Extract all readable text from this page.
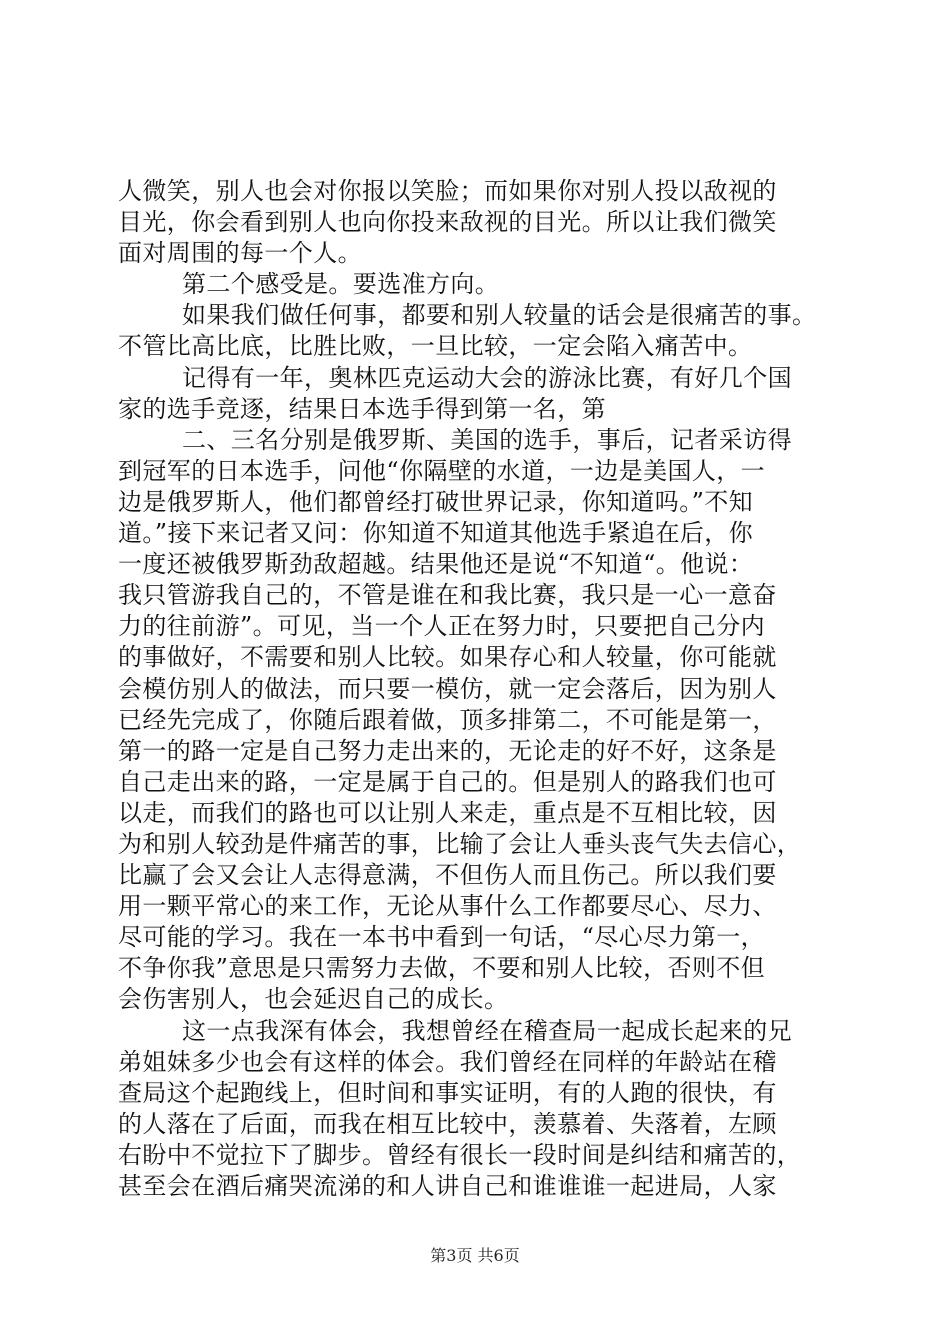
人微笑，别人也会对你报以笑脸；而如果你对别人投以敌视的
目光，你会看到别人也向你投来敌视的目光。所以让我们微笑
面对周围的每一个人。
第二个感受是。要选准方向。
如果我们做任何事，都要和别人较量的话会是很痛苦的事。
不管比高比底，比胜比败，一旦比较，一定会陷入痛苦中。
记得有一年，奥林匹克运动大会的游泳比赛，有好几个国
家的选手竞逐，结果日本选手得到第一名，第
二、三名分别是俄罗斯、美国的选手，事后，记者采访得
到冠军的日本选手，问他“你隔壁的水道，一边是美国人，一
边是俄罗斯人，他们都曾经打破世界记录，你知道吗。”不知
道。”接下来记者又问：你知道不知道其他选手紧追在后，你
一度还被俄罗斯劲敌超越。结果他还是说“不知道“。他说：
我只管游我自己的，不管是谁在和我比赛，我只是一心一意奋
力的往前游”。可见，当一个人正在努力时，只要把自己分内
的事做好，不需要和别人比较。如果存心和人较量，你可能就
会模仿别人的做法，而只要一模仿，就一定会落后，因为别人
已经先完成了，你随后跟着做，顶多排第二，不可能是第一，
第一的路一定是自己努力走出来的，无论走的好不好，这条是
自己走出来的路，一定是属于自己的。但是别人的路我们也可
以走，而我们的路也可以让别人来走，重点是不互相比较，因
为和别人较劲是件痛苦的事，比输了会让人垂头丧气失去信心，
比赢了会又会让人志得意满，不但伤人而且伤己。所以我们要
用一颗平常心的来工作，无论从事什么工作都要尽心、尽力、
尽可能的学习。我在一本书中看到一句话，“尽心尽力第一，
不争你我”意思是只需努力去做，不要和别人比较，否则不但
会伤害别人，也会延迟自己的成长。
这一点我深有体会，我想曾经在稽查局一起成长起来的兄
弟姐妹多少也会有这样的体会。我们曾经在同样的年龄站在稽
查局这个起跑线上，但时间和事实证明，有的人跑的很快，有
的人落在了后面，而我在相互比较中，羡慕着、失落着，左顾
右盼中不觉拉下了脚步。曾经有很长一段时间是纠结和痛苦的，
甚至会在酒后痛哭流涕的和人讲自己和谁谁谁一起进局，人家
第3页 共6页
